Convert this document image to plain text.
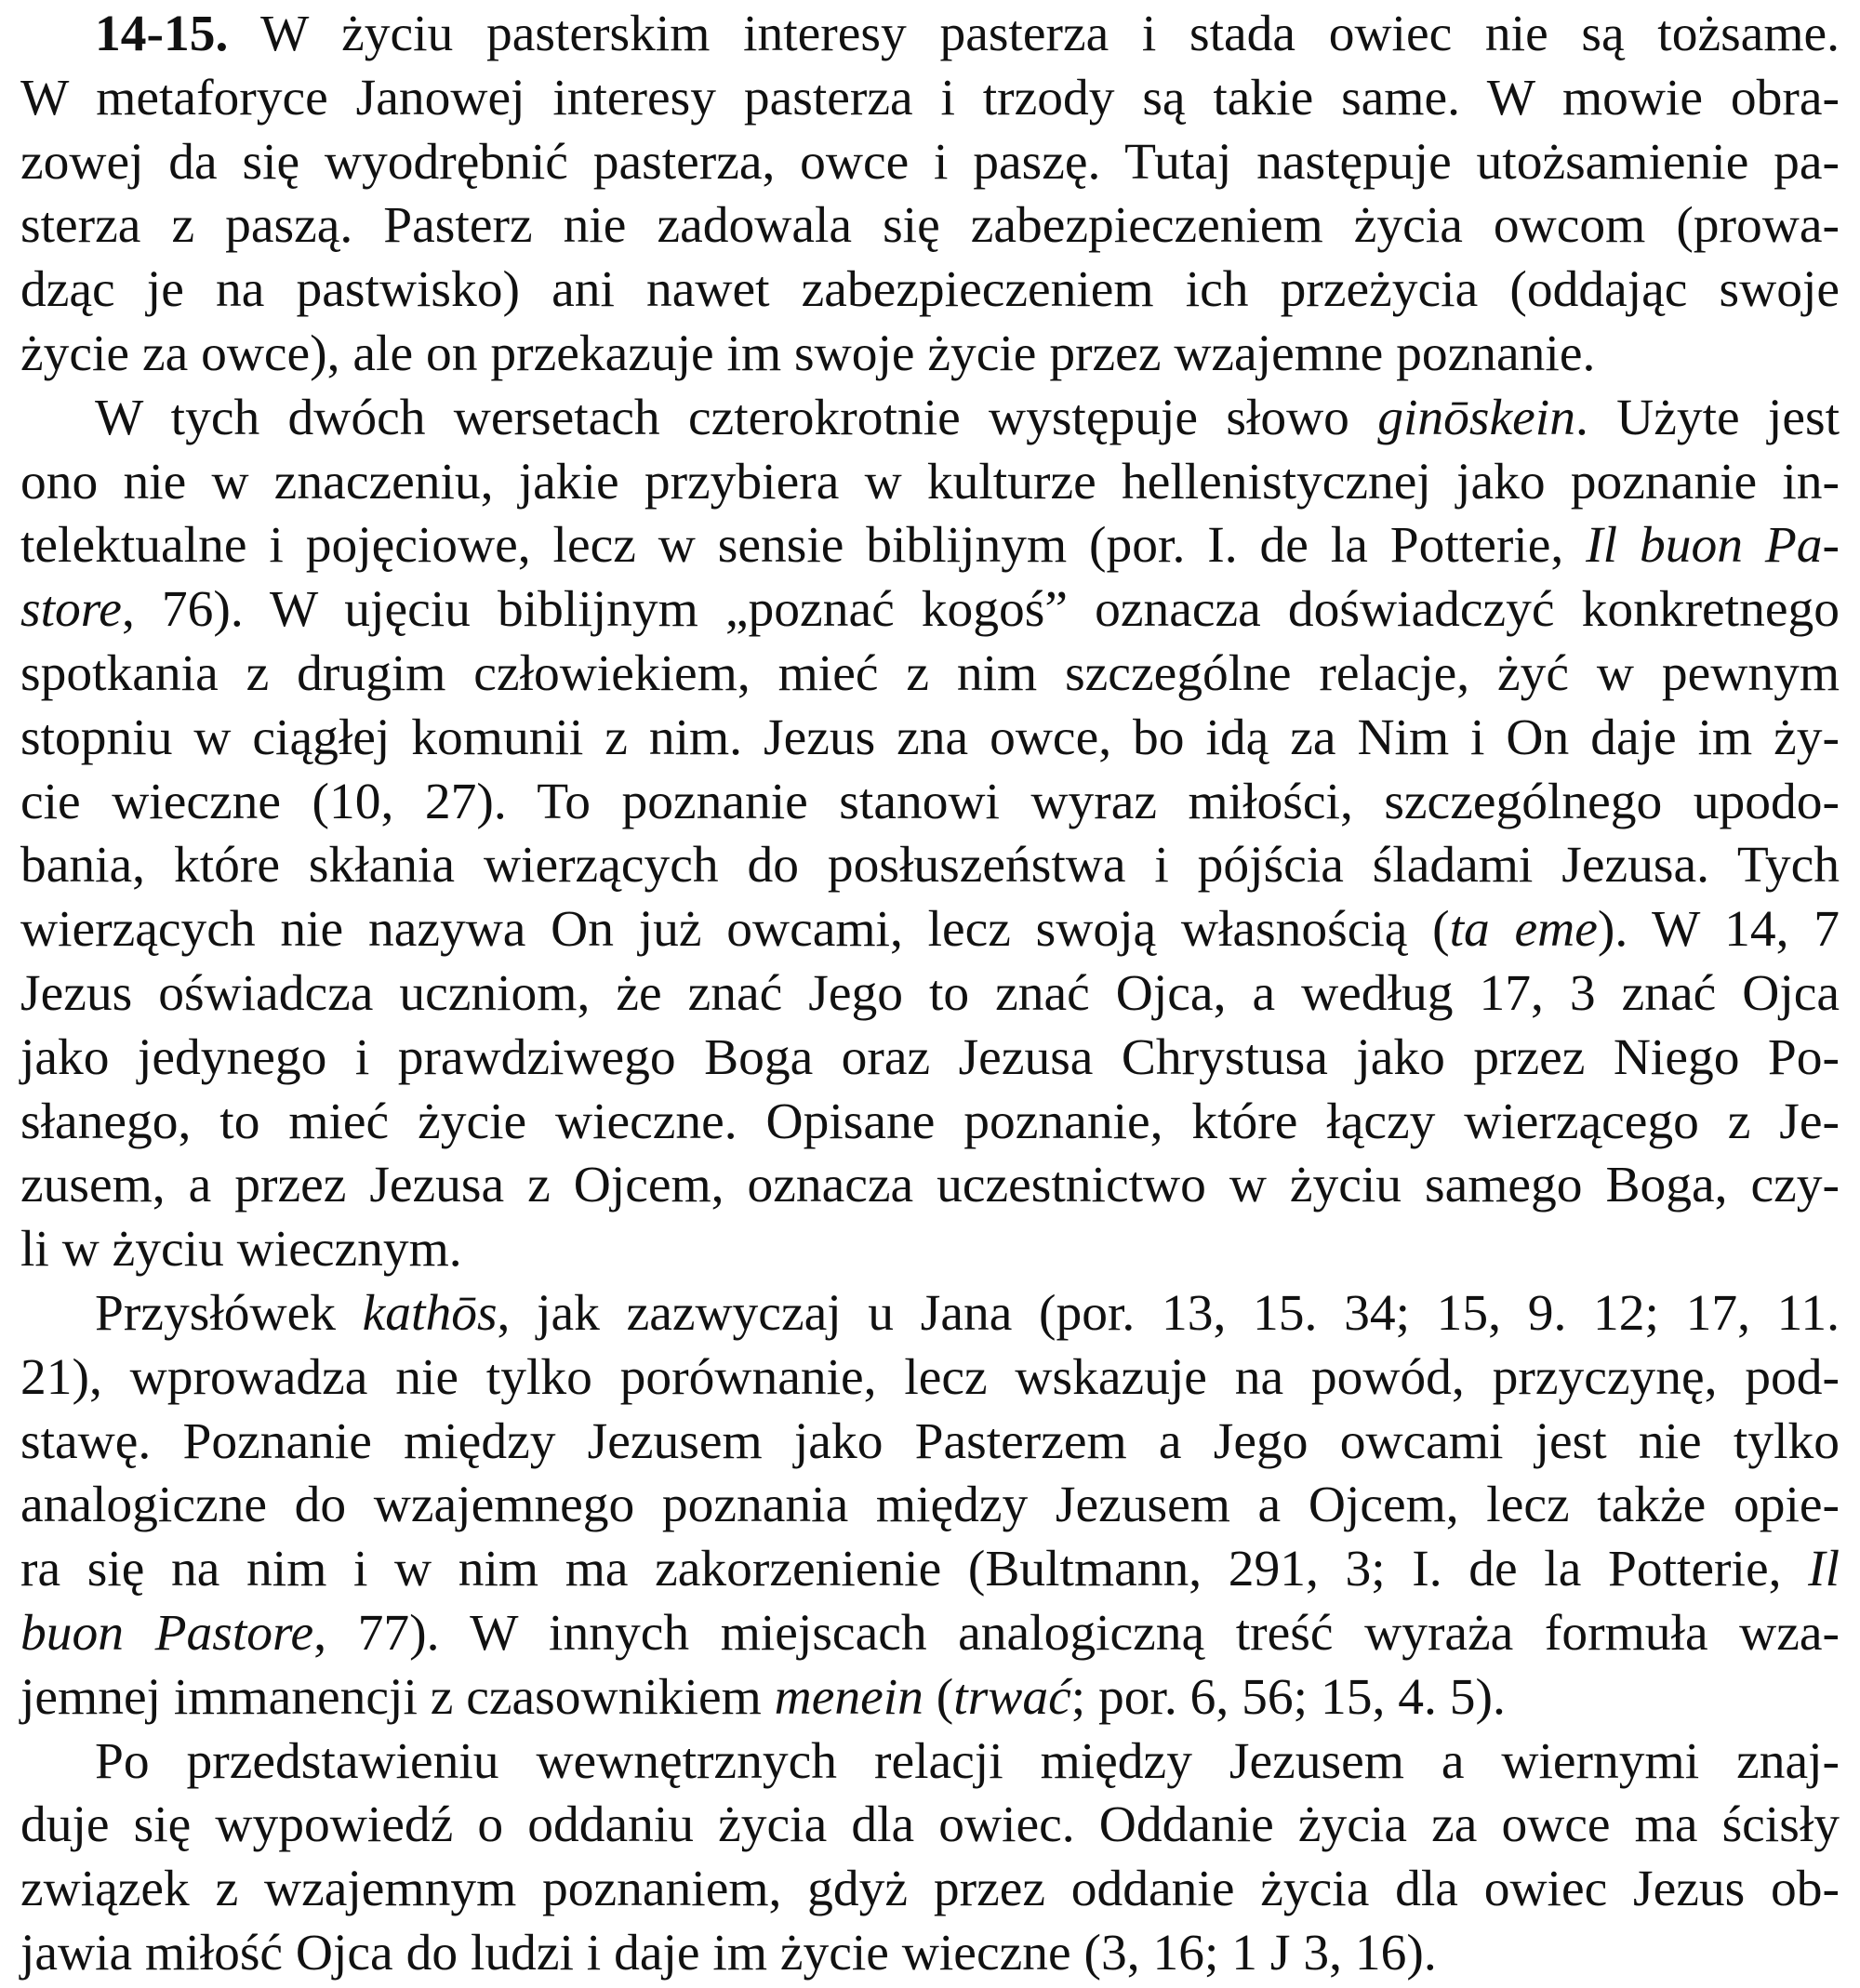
14-15. W życiu pasterskim interesy pasterza i stada owiec nie są tożsame.
W metaforyce Janowej interesy pasterza i trzody są takie same. W mowie obra-
zowej da się wyodrębnić pasterza, owce i paszę. Tutaj następuje utożsamienie pa-
sterza z paszą. Pasterz nie zadowala się zabezpieczeniem życia owcom (prowa-
dząc je na pastwisko) ani nawet zabezpieczeniem ich przeżycia (oddając swoje
życie za owce), ale on przekazuje im swoje życie przez wzajemne poznanie.
W tych dwóch wersetach czterokrotnie występuje słowo ginōskein. Użyte jest
ono nie w znaczeniu, jakie przybiera w kulturze hellenistycznej jako poznanie in-
telektualne i pojęciowe, lecz w sensie biblijnym (por. I. de la Potterie, Il buon Pa-
store, 76). W ujęciu biblijnym „poznać kogoś” oznacza doświadczyć konkretnego
spotkania z drugim człowiekiem, mieć z nim szczególne relacje, żyć w pewnym
stopniu w ciągłej komunii z nim. Jezus zna owce, bo idą za Nim i On daje im ży-
cie wieczne (10, 27). To poznanie stanowi wyraz miłości, szczególnego upodo-
bania, które skłania wierzących do posłuszeństwa i pójścia śladami Jezusa. Tych
wierzących nie nazywa On już owcami, lecz swoją własnością (ta eme). W 14, 7
Jezus oświadcza uczniom, że znać Jego to znać Ojca, a według 17, 3 znać Ojca
jako jedynego i prawdziwego Boga oraz Jezusa Chrystusa jako przez Niego Po-
słanego, to mieć życie wieczne. Opisane poznanie, które łączy wierzącego z Je-
zusem, a przez Jezusa z Ojcem, oznacza uczestnictwo w życiu samego Boga, czy-
li w życiu wiecznym.
Przysłówek kathōs, jak zazwyczaj u Jana (por. 13, 15. 34; 15, 9. 12; 17, 11.
21), wprowadza nie tylko porównanie, lecz wskazuje na powód, przyczynę, pod-
stawę. Poznanie między Jezusem jako Pasterzem a Jego owcami jest nie tylko
analogiczne do wzajemnego poznania między Jezusem a Ojcem, lecz także opie-
ra się na nim i w nim ma zakorzenienie (Bultmann, 291, 3; I. de la Potterie, Il
buon Pastore, 77). W innych miejscach analogiczną treść wyraża formuła wza-
jemnej immanencji z czasownikiem menein (trwać; por. 6, 56; 15, 4. 5).
Po przedstawieniu wewnętrznych relacji między Jezusem a wiernymi znaj-
duje się wypowiedź o oddaniu życia dla owiec. Oddanie życia za owce ma ścisły
związek z wzajemnym poznaniem, gdyż przez oddanie życia dla owiec Jezus ob-
jawia miłość Ojca do ludzi i daje im życie wieczne (3, 16; 1 J 3, 16).
